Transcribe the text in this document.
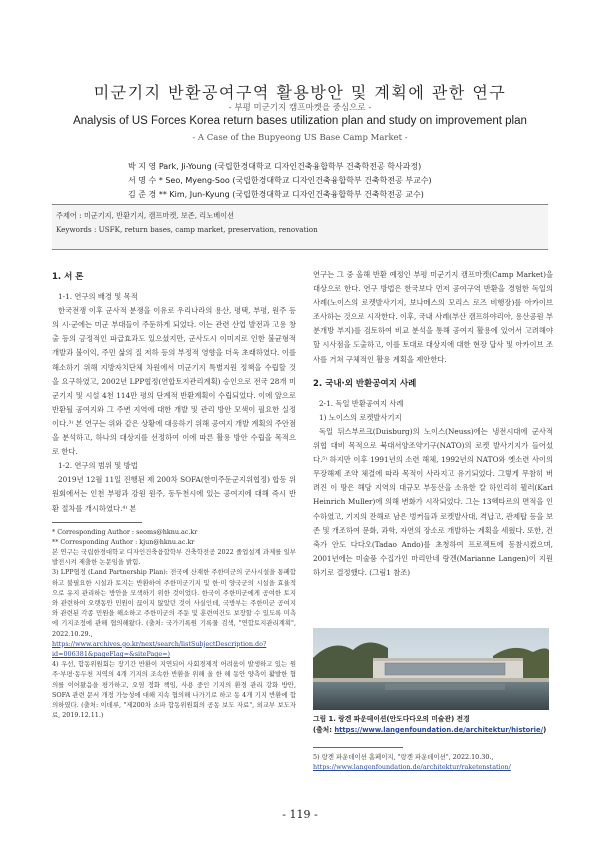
미군기지 반환공여구역 활용방안 및 계획에 관한 연구
- 부평 미군기지 캠프마켓을 중심으로 -
Analysis of US Forces Korea return bases utilization plan and study on improvement plan
- A Case of the Bupyeong US Base Camp Market -
박 지 영 Park, Ji-Young (국립한경대학교 디자인건축융합학부 건축학전공 학사과정)
서 명 수 * Seo, Myeng-Soo (국립한경대학교 디자인건축융합학부 건축학전공 부교수)
김 준 경 ** Kim, Jun-Kyung (국립한경대학교 디자인건축융합학부 건축학전공 교수)
주제어 : 미군기지, 반환기지, 캠프마켓, 보존, 리노베이션
Keywords : USFK, return bases, camp market, preservation, renovation
1. 서 론

1-1. 연구의 배경 및 목적

한국전쟁 이후 군사적 분쟁을 이유로 우리나라의 용산, 평택, 부평, 원주 등의 시·군에는 미군 부대들이 주둔하게 되었다. 이는 관련 산업 발전과 고용 창출 등의 긍정적인 파급효과도 있으셨지만, 군사도시 이미지로 인한 불균형적 개발과 불이익, 주민 삶의 질 저하 등의 부정적 영향을 더욱 초래하였다. 이를 해소하기 위해 지방자치단체 차원에서 미군기지 특별지원 정책을 수립할 것을 요구하였고, 2002년 LPP협정(연합토지관리계획) 승인으로 전국 28개 미군기지 및 시설 4천 114만 평의 단계적 반환계획이 수립되었다. 이에 앞으로 반환될 공여지와 그 주변 지역에 대한 개발 및 관리 방안 모색이 필요한 실정이다.³⁾ 본 연구는 위와 같은 상황에 대응하기 위해 공여지 개발 계획의 주안점을 분석하고, 하나의 대상지를 선정하여 이에 따른 활용 방안 수립을 목적으로 한다.

1-2. 연구의 범위 및 방법

2019년 12월 11일 진행된 제 200차 SOFA(한미주둔군지위협정) 합동 위원회에서는 인천 부평과 강원 원주, 동두천시에 있는 공여지에 대해 즉시 반환 절차를 개시하였다.⁴⁾ 본

* Corresponding Author : seoms@hknu.ac.kr
** Corresponding Author : kjun@hknu.ac.kr
본 연구는 국립한경대학교 디자인건축융합학부 건축학전공 2022 졸업설계 과제를 일부 발전시켜 제출한 논문임을 밝힘.
3) LPP협정 (Land Partnership Plan): 전국에 산재한 주한미군의 군사시설을 통폐합하고 불필요한 시설과 토지는 반환하여 주한미군기지 및 한·미 양국군의 시설을 효율적으로 유지 관리하는 방안을 모색하기 위한 것이었다. 한국이 주한미군에게 공여한 토지와 관련하여 오랫동안 민원이 끊이지 않았던 것이 사실인데, 국방부는 주한미군 공여지와 관련된 각종 민원을 해소하고 주한미군의 주둔 및 훈련여건도 보장할 수 있도록 미측에 기지조정에 관해 협의해왔다. (출처: 국가기록원 기록물 검색, "연합토지관리계획", 2022.10.29.,
https://www.archives.go.kr/next/search/listSubjectDescription.do?id=006381&pageFlag=&sitePage=)
4) 우선, 합동위원회는 장기간 반환이 지연되어 사회경제적 어려움이 발생하고 있는 원주·부평·동두천 지역의 4개 기지의 조속한 반환을 위해 올 한 해 동안 양측이 활발한 협의를 이어왔음을 평가하고, 오염 정화 책임, 사용 중인 기지의 환경 관리 강화 방안, SOFA 관련 문서 개정 가능성에 대해 지속 협의해 나가기로 하고 동 4개 기지 반환에 합의하였다. (출처: 이데루, "제200차 소파 합동위원회의 공동 보도 자료", 외교부 보도자료, 2019.12.11.)

연구는 그 중 올해 반환 예정인 부평 미군기지 캠프마켓(Camp Market)을 대상으로 한다. 연구 방법은 한국보다 먼저 공여구역 반환을 경험한 독일의 사례(노이스의 로켓발사기지, 보나메스의 모리스 로즈 비행장)를 아카이브 조사하는 것으로 시작한다. 이후, 국내 사례(부산 캠프하야리아, 용산공원 부분개방 부지)를 검토하여 비교 분석을 통해 공여지 활용에 있어서 고려해야 할 시사점을 도출하고, 이를 토대로 대상지에 대한 현장 답사 및 아카이브 조사를 거쳐 구체적인 활용 계획을 제안한다.

2. 국내·외 반환공여지 사례

2-1. 독일 반환공여지 사례

1) 노이스의 로켓발사기지

독일 뒤스부르크(Duisburg)의 노이스(Neuss)에는 냉전시대에 군사적 위협 대비 목적으로 북대서양조약기구(NATO)의 로켓 발사기지가 들어섰다.⁵⁾ 하지만 이후 1991년의 소련 해체, 1992년의 NATO와 옛소련 사이의 무장해제 조약 체결에 따라 목적이 사라지고 유기되었다. 그렇게 무참히 버려진 이 땅은 해당 지역의 대규모 부동산을 소유한 칼 하인리히 뮐러(Karl Heinrich Muller)에 의해 변화가 시작되었다. 그는 13헥타르의 면적을 인수하였고, 기지의 잔해로 남은 벙커들과 로켓발사대, 격납고, 관제탑 등을 보존 및 개조하여 문화, 과학, 자연의 장소로 개발하는 계획을 세웠다. 또한, 건축가 안도 다다오(Tadao Ando)를 초청하여 프로젝트에 동참시켰으며, 2001년에는 미술품 수집가인 마리안네 랑겐(Marianne Langen)이 지원하기로 결정했다. (그림1 참조)

그림 1. 랑겐 파운데이션(안도다다오의 미술관) 전경
(출처: https://www.langenfoundation.de/architektur/historie/)
5) 랑겐 파운데이션 홈페이지, "랑겐 파운데이션", 2022.10.30.,
https://www.langenfoundation.de/architektur/raketenstation/
- 119 -
